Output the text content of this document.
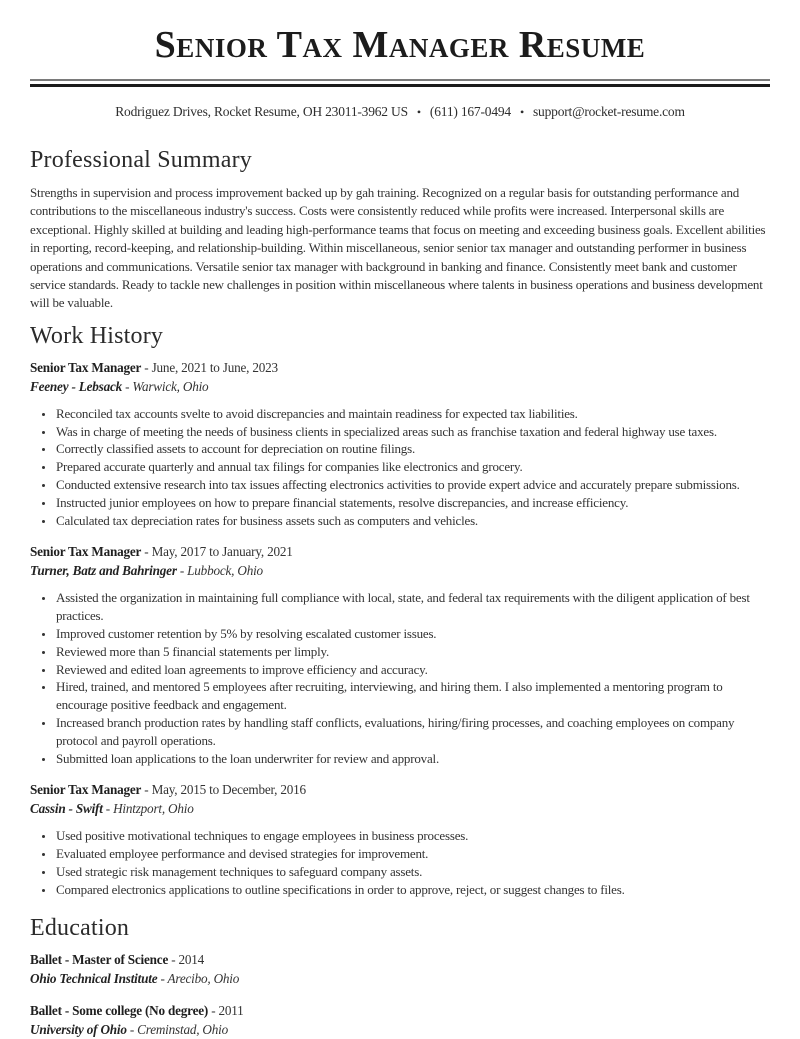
Senior Tax Manager Resume
Rodriguez Drives, Rocket Resume, OH 23011-3962 US • (611) 167-0494 • support@rocket-resume.com
Professional Summary

Strengths in supervision and process improvement backed up by gah training. Recognized on a regular basis for outstanding performance and contributions to the miscellaneous industry's success. Costs were consistently reduced while profits were increased. Interpersonal skills are exceptional. Highly skilled at building and leading high-performance teams that focus on meeting and exceeding business goals. Excellent abilities in reporting, record-keeping, and relationship-building. Within miscellaneous, senior senior tax manager and outstanding performer in business operations and communications. Versatile senior tax manager with background in banking and finance. Consistently meet bank and customer service standards. Ready to tackle new challenges in position within miscellaneous where talents in business operations and business development will be valuable.

Work History

Senior Tax Manager - June, 2021 to June, 2023

Feeney - Lebsack - Warwick, Ohio

• Reconciled tax accounts svelte to avoid discrepancies and maintain readiness for expected tax liabilities.
• Was in charge of meeting the needs of business clients in specialized areas such as franchise taxation and federal highway use taxes.
• Correctly classified assets to account for depreciation on routine filings.
• Prepared accurate quarterly and annual tax filings for companies like electronics and grocery.
• Conducted extensive research into tax issues affecting electronics activities to provide expert advice and accurately prepare submissions.
• Instructed junior employees on how to prepare financial statements, resolve discrepancies, and increase efficiency.
• Calculated tax depreciation rates for business assets such as computers and vehicles.

Senior Tax Manager - May, 2017 to January, 2021

Turner, Batz and Bahringer - Lubbock, Ohio

• Assisted the organization in maintaining full compliance with local, state, and federal tax requirements with the diligent application of best practices.
• Improved customer retention by 5% by resolving escalated customer issues.
• Reviewed more than 5 financial statements per limply.
• Reviewed and edited loan agreements to improve efficiency and accuracy.
• Hired, trained, and mentored 5 employees after recruiting, interviewing, and hiring them. I also implemented a mentoring program to encourage positive feedback and engagement.
• Increased branch production rates by handling staff conflicts, evaluations, hiring/firing processes, and coaching employees on company protocol and payroll operations.
• Submitted loan applications to the loan underwriter for review and approval.

Senior Tax Manager - May, 2015 to December, 2016

Cassin - Swift - Hintzport, Ohio

• Used positive motivational techniques to engage employees in business processes.
• Evaluated employee performance and devised strategies for improvement.
• Used strategic risk management techniques to safeguard company assets.
• Compared electronics applications to outline specifications in order to approve, reject, or suggest changes to files.
Education

Ballet - Master of Science - 2014

Ohio Technical Institute - Arecibo, Ohio

Ballet - Some college (No degree) - 2011

University of Ohio - Creminstad, Ohio
